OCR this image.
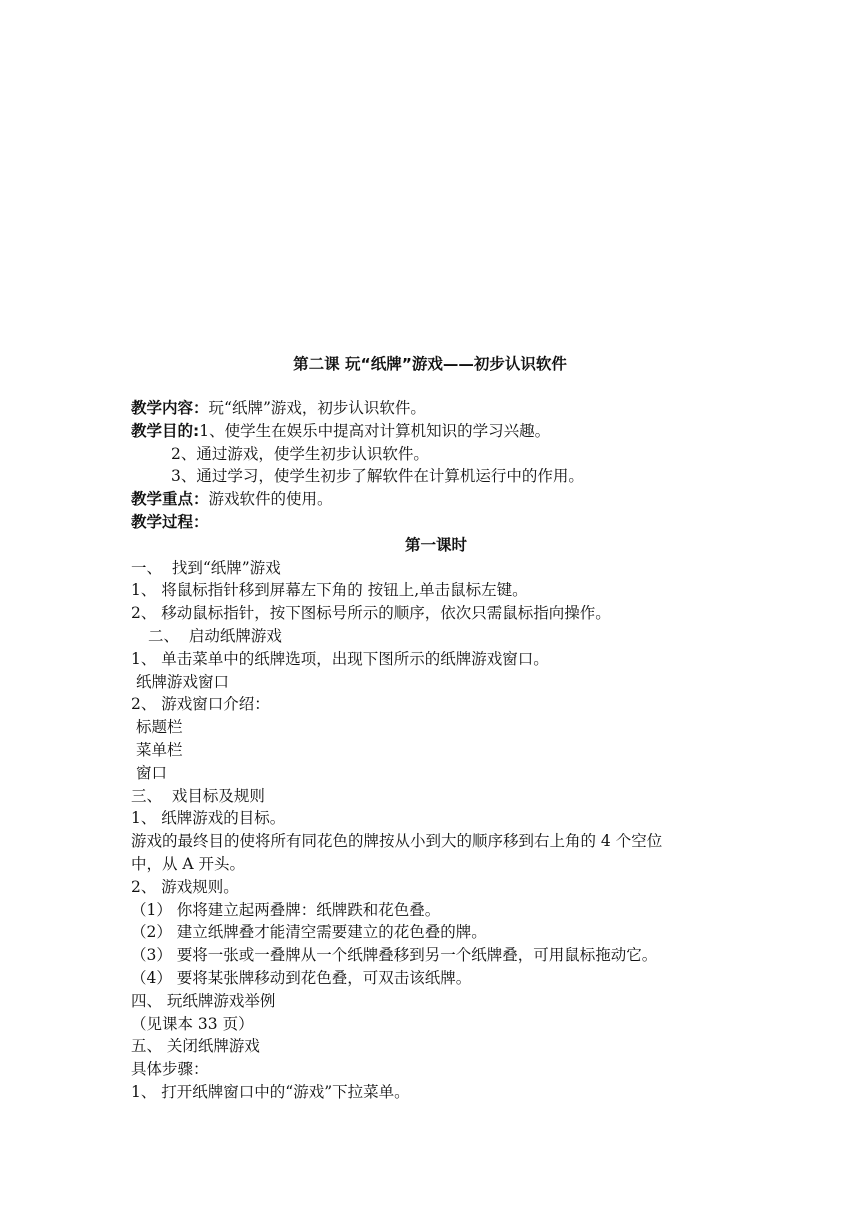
第二课 玩“纸牌”游戏——初步认识软件
教学内容：玩“纸牌”游戏，初步认识软件。
教学目的:1、使学生在娱乐中提高对计算机知识的学习兴趣。
2、通过游戏，使学生初步认识软件。
3、通过学习，使学生初步了解软件在计算机运行中的作用。
教学重点：游戏软件的使用。
教学过程：
第一课时
一、  找到“纸牌”游戏
1、 将鼠标指针移到屏幕左下角的 按钮上,单击鼠标左键。
2、 移动鼠标指针，按下图标号所示的顺序，依次只需鼠标指向操作。
二、  启动纸牌游戏
1、 单击菜单中的纸牌选项，出现下图所示的纸牌游戏窗口。
纸牌游戏窗口
2、 游戏窗口介绍：
标题栏
菜单栏
窗口
三、  戏目标及规则
1、 纸牌游戏的目标。
游戏的最终目的使将所有同花色的牌按从小到大的顺序移到右上角的 4 个空位
中，从 A 开头。
2、 游戏规则。
（1） 你将建立起两叠牌：纸牌跌和花色叠。
（2） 建立纸牌叠才能清空需要建立的花色叠的牌。
（3） 要将一张或一叠牌从一个纸牌叠移到另一个纸牌叠，可用鼠标拖动它。
（4） 要将某张牌移动到花色叠，可双击该纸牌。
四、 玩纸牌游戏举例
（见课本 33 页）
五、 关闭纸牌游戏
具体步骤：
1、 打开纸牌窗口中的“游戏”下拉菜单。
